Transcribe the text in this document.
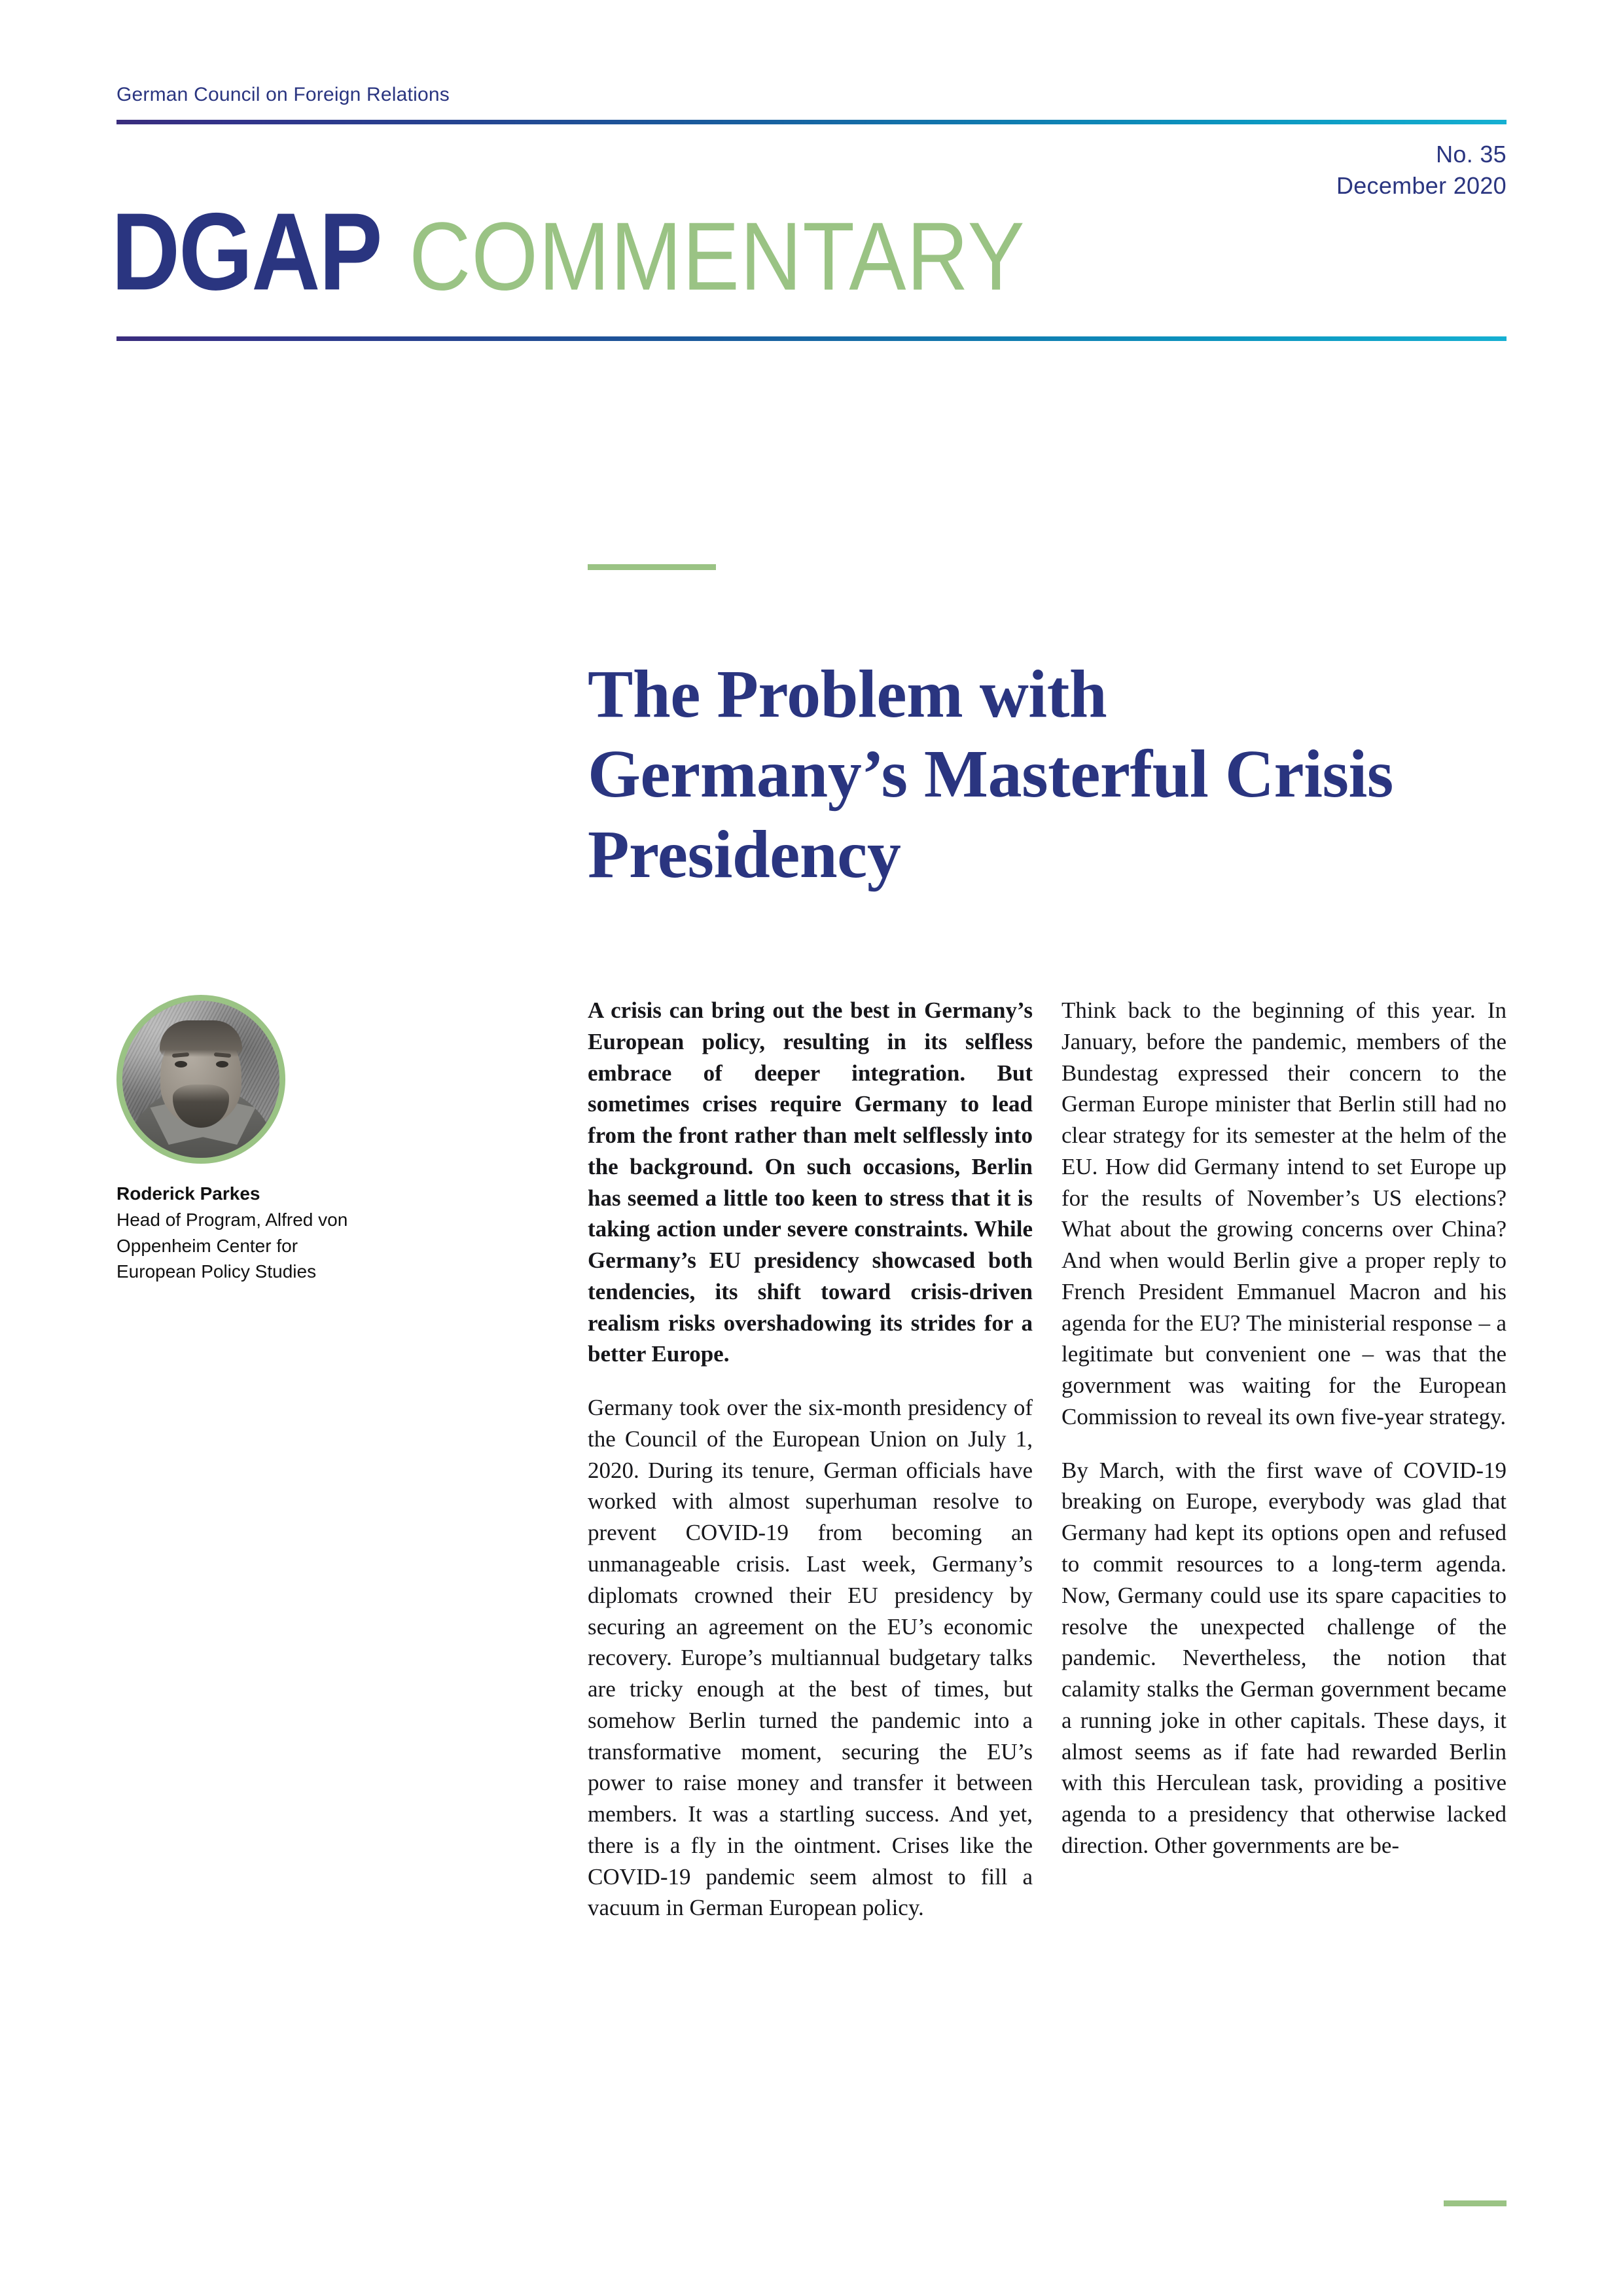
German Council on Foreign Relations
No. 35
December 2020
DGAP COMMENTARY
The Problem with Germany’s Masterful Crisis Presidency
Roderick Parkes
Head of Program, Alfred von Oppenheim Center for European Policy Studies

A crisis can bring out the best in Germany’s European policy, resulting in its selfless embrace of deeper integration. But sometimes crises require Germany to lead from the front rather than melt selflessly into the background. On such occasions, Berlin has seemed a little too keen to stress that it is taking action under severe constraints. While Germany’s EU presidency showcased both tendencies, its shift toward crisis-driven realism risks overshadowing its strides for a better Europe.

Germany took over the six-month presidency of the Council of the European Union on July 1, 2020. During its tenure, German officials have worked with almost superhuman resolve to prevent COVID-19 from becoming an unmanageable crisis. Last week, Germany’s diplomats crowned their EU presidency by securing an agreement on the EU’s economic recovery. Europe’s multiannual budgetary talks are tricky enough at the best of times, but somehow Berlin turned the pandemic into a transformative moment, securing the EU’s power to raise money and transfer it between members. It was a startling success. And yet, there is a fly in the ointment. Crises like the COVID-19 pandemic seem almost to fill a vacuum in German European policy.

Think back to the beginning of this year. In January, before the pandemic, members of the Bundestag expressed their concern to the German Europe minister that Berlin still had no clear strategy for its semester at the helm of the EU. How did Germany intend to set Europe up for the results of November’s US elections? What about the growing concerns over China? And when would Berlin give a proper reply to French President Emmanuel Macron and his agenda for the EU? The ministerial response – a legitimate but convenient one – was that the government was waiting for the European Commission to reveal its own five-year strategy.

By March, with the first wave of COVID-19 breaking on Europe, everybody was glad that Germany had kept its options open and refused to commit resources to a long-term agenda. Now, Germany could use its spare capacities to resolve the unexpected challenge of the pandemic. Nevertheless, the notion that calamity stalks the German government became a running joke in other capitals. These days, it almost seems as if fate had rewarded Berlin with this Herculean task, providing a positive agenda to a presidency that otherwise lacked direction. Other governments are be-
